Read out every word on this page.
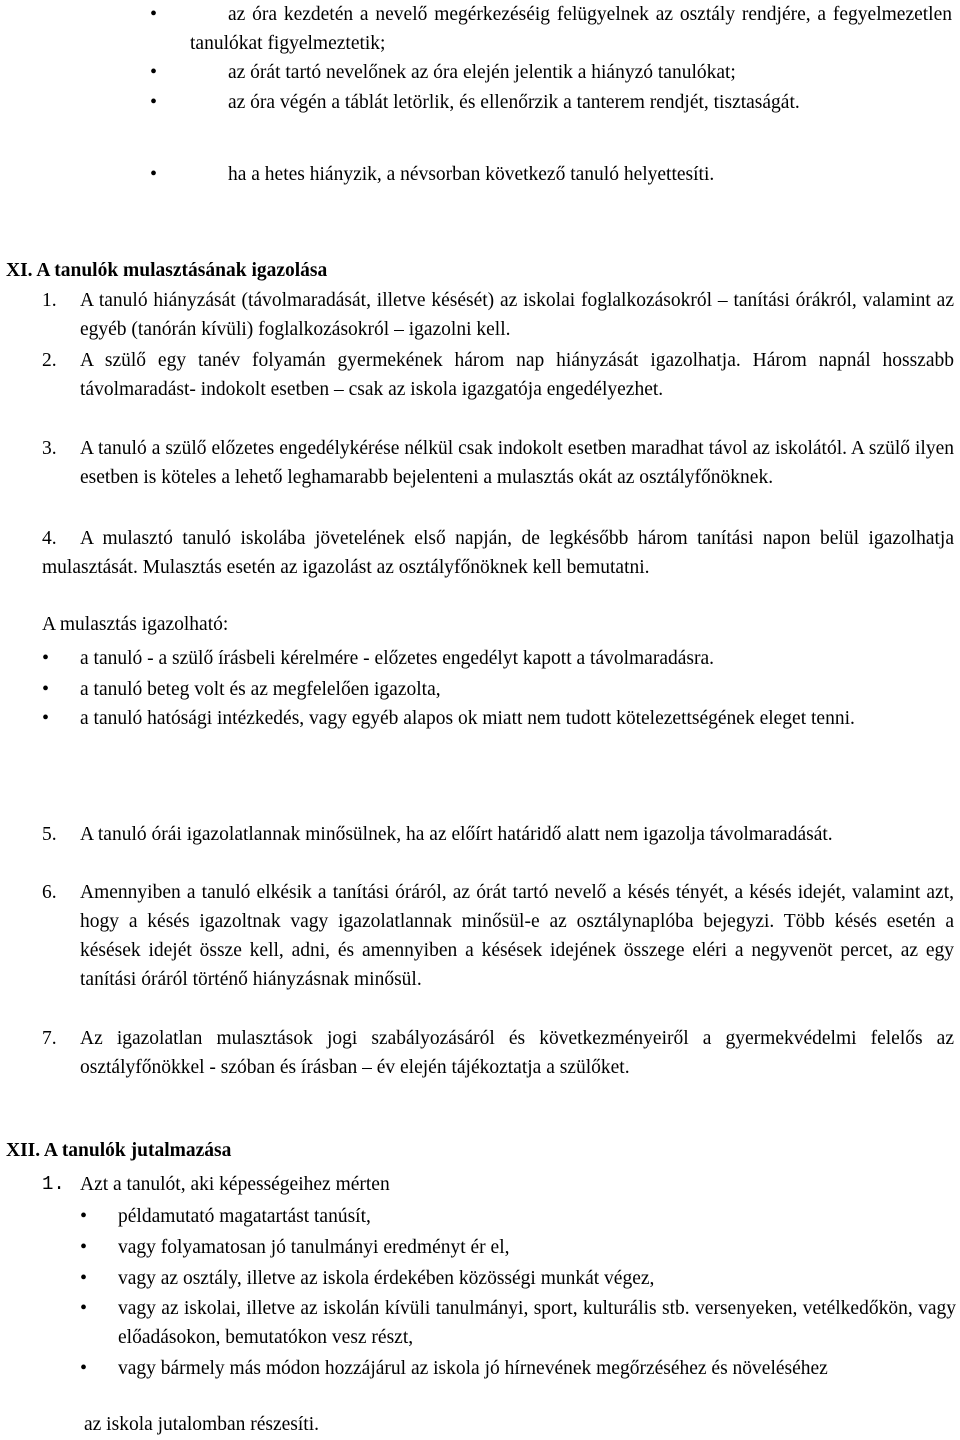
•	az óra kezdetén a nevelő megérkezéséig felügyelnek az osztály rendjére, a fegyelmezetlen tanulókat figyelmeztetik;
•	az órát tartó nevelőnek az óra elején jelentik a hiányzó tanulókat;
•	az óra végén a táblát letörlik, és ellenőrzik a tanterem rendjét, tisztaságát.
•	ha a hetes hiányzik, a névsorban következő tanuló helyettesíti.
XI. A tanulók mulasztásának igazolása
1. A tanuló hiányzását (távolmaradását, illetve késését) az iskolai foglalkozásokról – tanítási órákról, valamint az egyéb (tanórán kívüli) foglalkozásokról – igazolni kell.
2. A szülő egy tanév folyamán gyermekének három nap hiányzását igazolhatja. Három napnál hosszabb távolmaradást- indokolt esetben – csak az iskola igazgatója engedélyezhet.
3. A tanuló a szülő előzetes engedélykérése nélkül csak indokolt esetben maradhat távol az iskolától. A szülő ilyen esetben is köteles a lehető leghamarabb bejelenteni a mulasztás okát az osztályfőnöknek.
4.	A mulasztó tanuló iskolába jövetelének első napján, de legkésőbb három tanítási napon belül igazolhatja mulasztását. Mulasztás esetén az igazolást az osztályfőnöknek kell bemutatni.
A mulasztás igazolható:
• a tanuló - a szülő írásbeli kérelmére - előzetes engedélyt kapott a távolmaradásra.
• a tanuló beteg volt és az megfelelően igazolta,
• a tanuló hatósági intézkedés, vagy egyéb alapos ok miatt nem tudott kötelezettségének eleget tenni.
5. A tanuló órái igazolatlannak minősülnek, ha az előírt határidő alatt nem igazolja távolmaradását.
6. Amennyiben a tanuló elkésik a tanítási óráról, az órát tartó nevelő a késés tényét, a késés idejét, valamint azt, hogy a késés igazoltnak vagy igazolatlannak minősül-e az osztálynaplóba bejegyzi. Több késés esetén a késések idejét össze kell, adni, és amennyiben a késések idejének összege eléri a negyvenöt percet, az egy tanítási óráról történő hiányzásnak minősül.
7. Az igazolatlan mulasztások jogi szabályozásáról és következményeiről a gyermekvédelmi felelős az osztályfőnökkel - szóban és írásban – év elején tájékoztatja a szülőket.
XII. A tanulók jutalmazása
1. Azt a tanulót, aki képességeihez mérten
• példamutató magatartást tanúsít,
• vagy folyamatosan jó tanulmányi eredményt ér el,
• vagy az osztály, illetve az iskola érdekében közösségi munkát végez,
• vagy az iskolai, illetve az iskolán kívüli tanulmányi, sport, kulturális stb. versenyeken, vetélkedőkön, vagy előadásokon, bemutatókon vesz részt,
• vagy bármely más módon hozzájárul az iskola jó hírnevének megőrzéséhez és növeléséhez
az iskola jutalomban részesíti.
